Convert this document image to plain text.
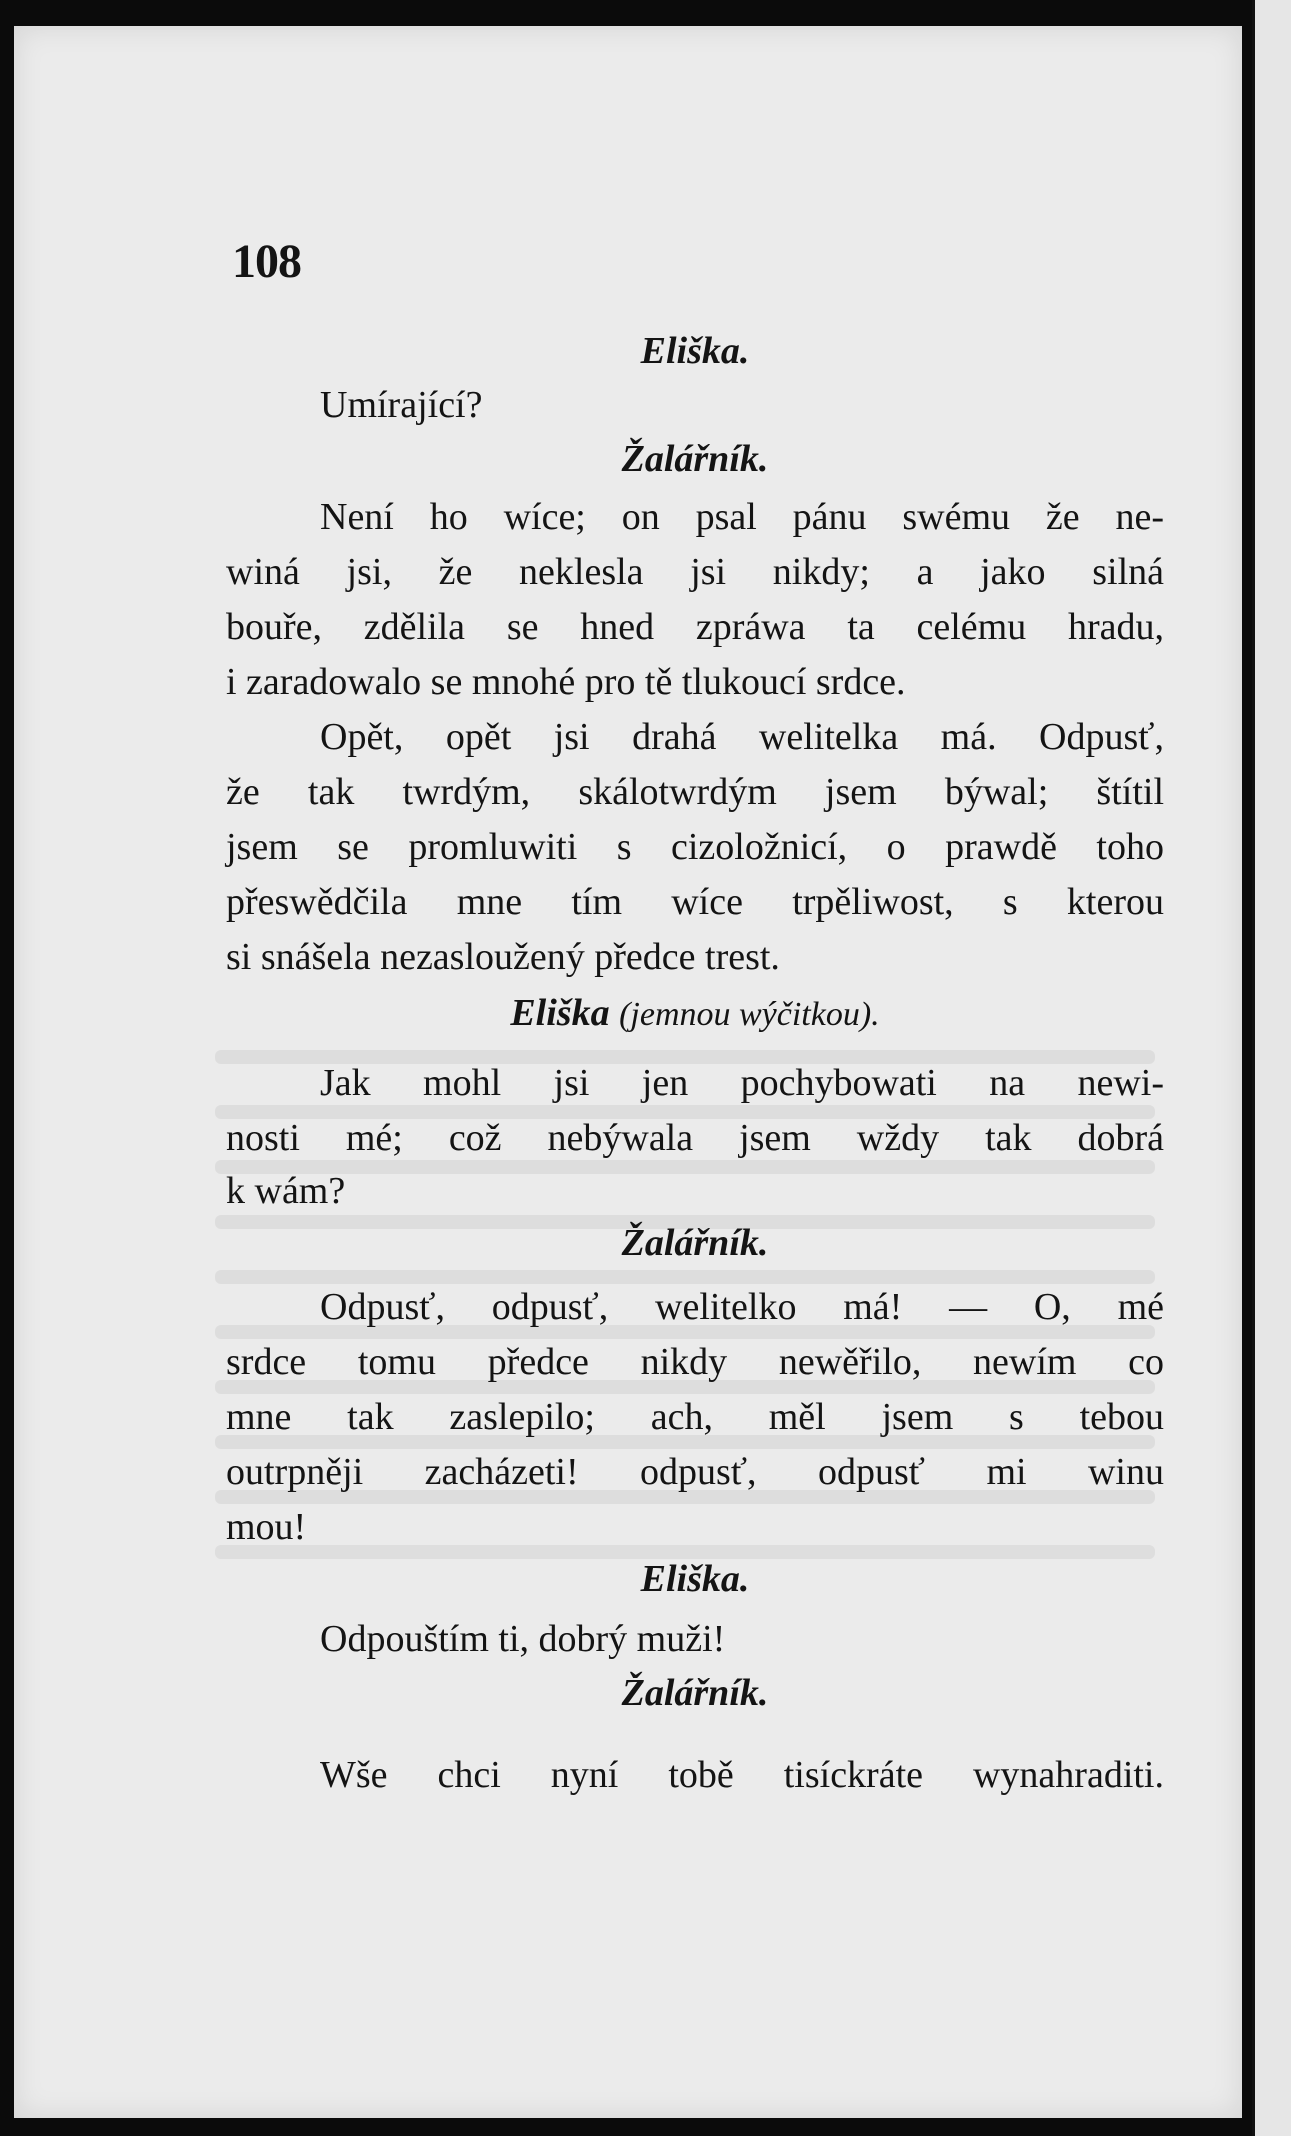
108
Eliška.
Umírající?
Žalářník.
Není ho wíce; on psal pánu swému že ne-
winá jsi, že neklesla jsi nikdy; a jako silná
bouře, zdělila se hned zpráwa ta celému hradu,
i zaradowalo se mnohé pro tě tlukoucí srdce.
Opět, opět jsi drahá welitelka má. Odpusť,
že tak twrdým, skálotwrdým jsem býwal; štítil
jsem se promluwiti s cizoložnicí, o prawdě toho
přeswědčila mne tím wíce trpěliwost, s kterou
si snášela nezasloužený předce trest.
Eliška (jemnou wýčitkou).
Jak mohl jsi jen pochybowati na newi-
nosti mé; což nebýwala jsem wždy tak dobrá
k wám?
Žalářník.
Odpusť, odpusť, welitelko má! — O, mé
srdce tomu předce nikdy newěřilo, newím co
mne tak zaslepilo; ach, měl jsem s tebou
outrpněji zacházeti! odpusť, odpusť mi winu
mou!
Eliška.
Odpouštím ti, dobrý muži!
Žalářník.
Wše chci nyní tobě tisíckráte wynahraditi.
